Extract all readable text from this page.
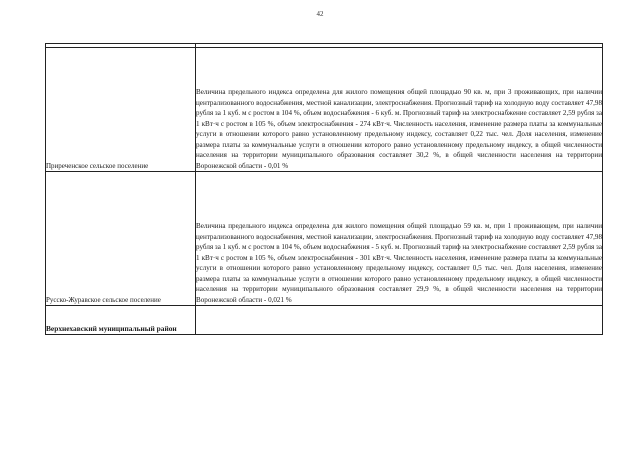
42

Приреченское сельское поселение	Величина предельного индекса определена для жилого помещения общей площадью 90 кв. м, при 3 проживающих, при наличии централизованного водоснабжения, местной канализации, электроснабжения. Прогнозный тариф на холодную воду составляет 47,98 рубля за 1 куб. м с ростом в 104 %, объем водоснабжения - 6 куб. м. Прогнозный тариф на электроснабжение составляет 2,59 рубля за 1 кВт·ч с ростом в 105 %, объем электроснабжения - 274 кВт·ч. Численность населения, изменение размера платы за коммунальные услуги в отношении которого равно установленному предельному индексу, составляет 0,22 тыс. чел. Доля населения, изменение размера платы за коммунальные услуги в отношении которого равно установленному предельному индексу, в общей численности населения на территории муниципального образования составляет 30,2 %, в общей численности населения на территории Воронежской области - 0,01 %
Русско-Журавское сельское поселение	Величина предельного индекса определена для жилого помещения общей площадью 59 кв. м, при 1 проживающем, при наличии централизованного водоснабжения, местной канализации, электроснабжения. Прогнозный тариф на холодную воду составляет 47,98 рубля за 1 куб. м с ростом в 104 %, объем водоснабжения - 5 куб. м. Прогнозный тариф на электроснабжение составляет 2,59 рубля за 1 кВт·ч с ростом в 105 %, объем электроснабжения - 301 кВт·ч. Численность населения, изменение размера платы за коммунальные услуги в отношении которого равно установленному предельному индексу, составляет 0,5 тыс. чел. Доля населения, изменение размера платы за коммунальные услуги в отношении которого равно установленному предельному индексу, в общей численности населения на территории муниципального образования составляет 29,9 %, в общей численности населения на территории Воронежской области - 0,021 %
Верхнехавский муниципальный район	
